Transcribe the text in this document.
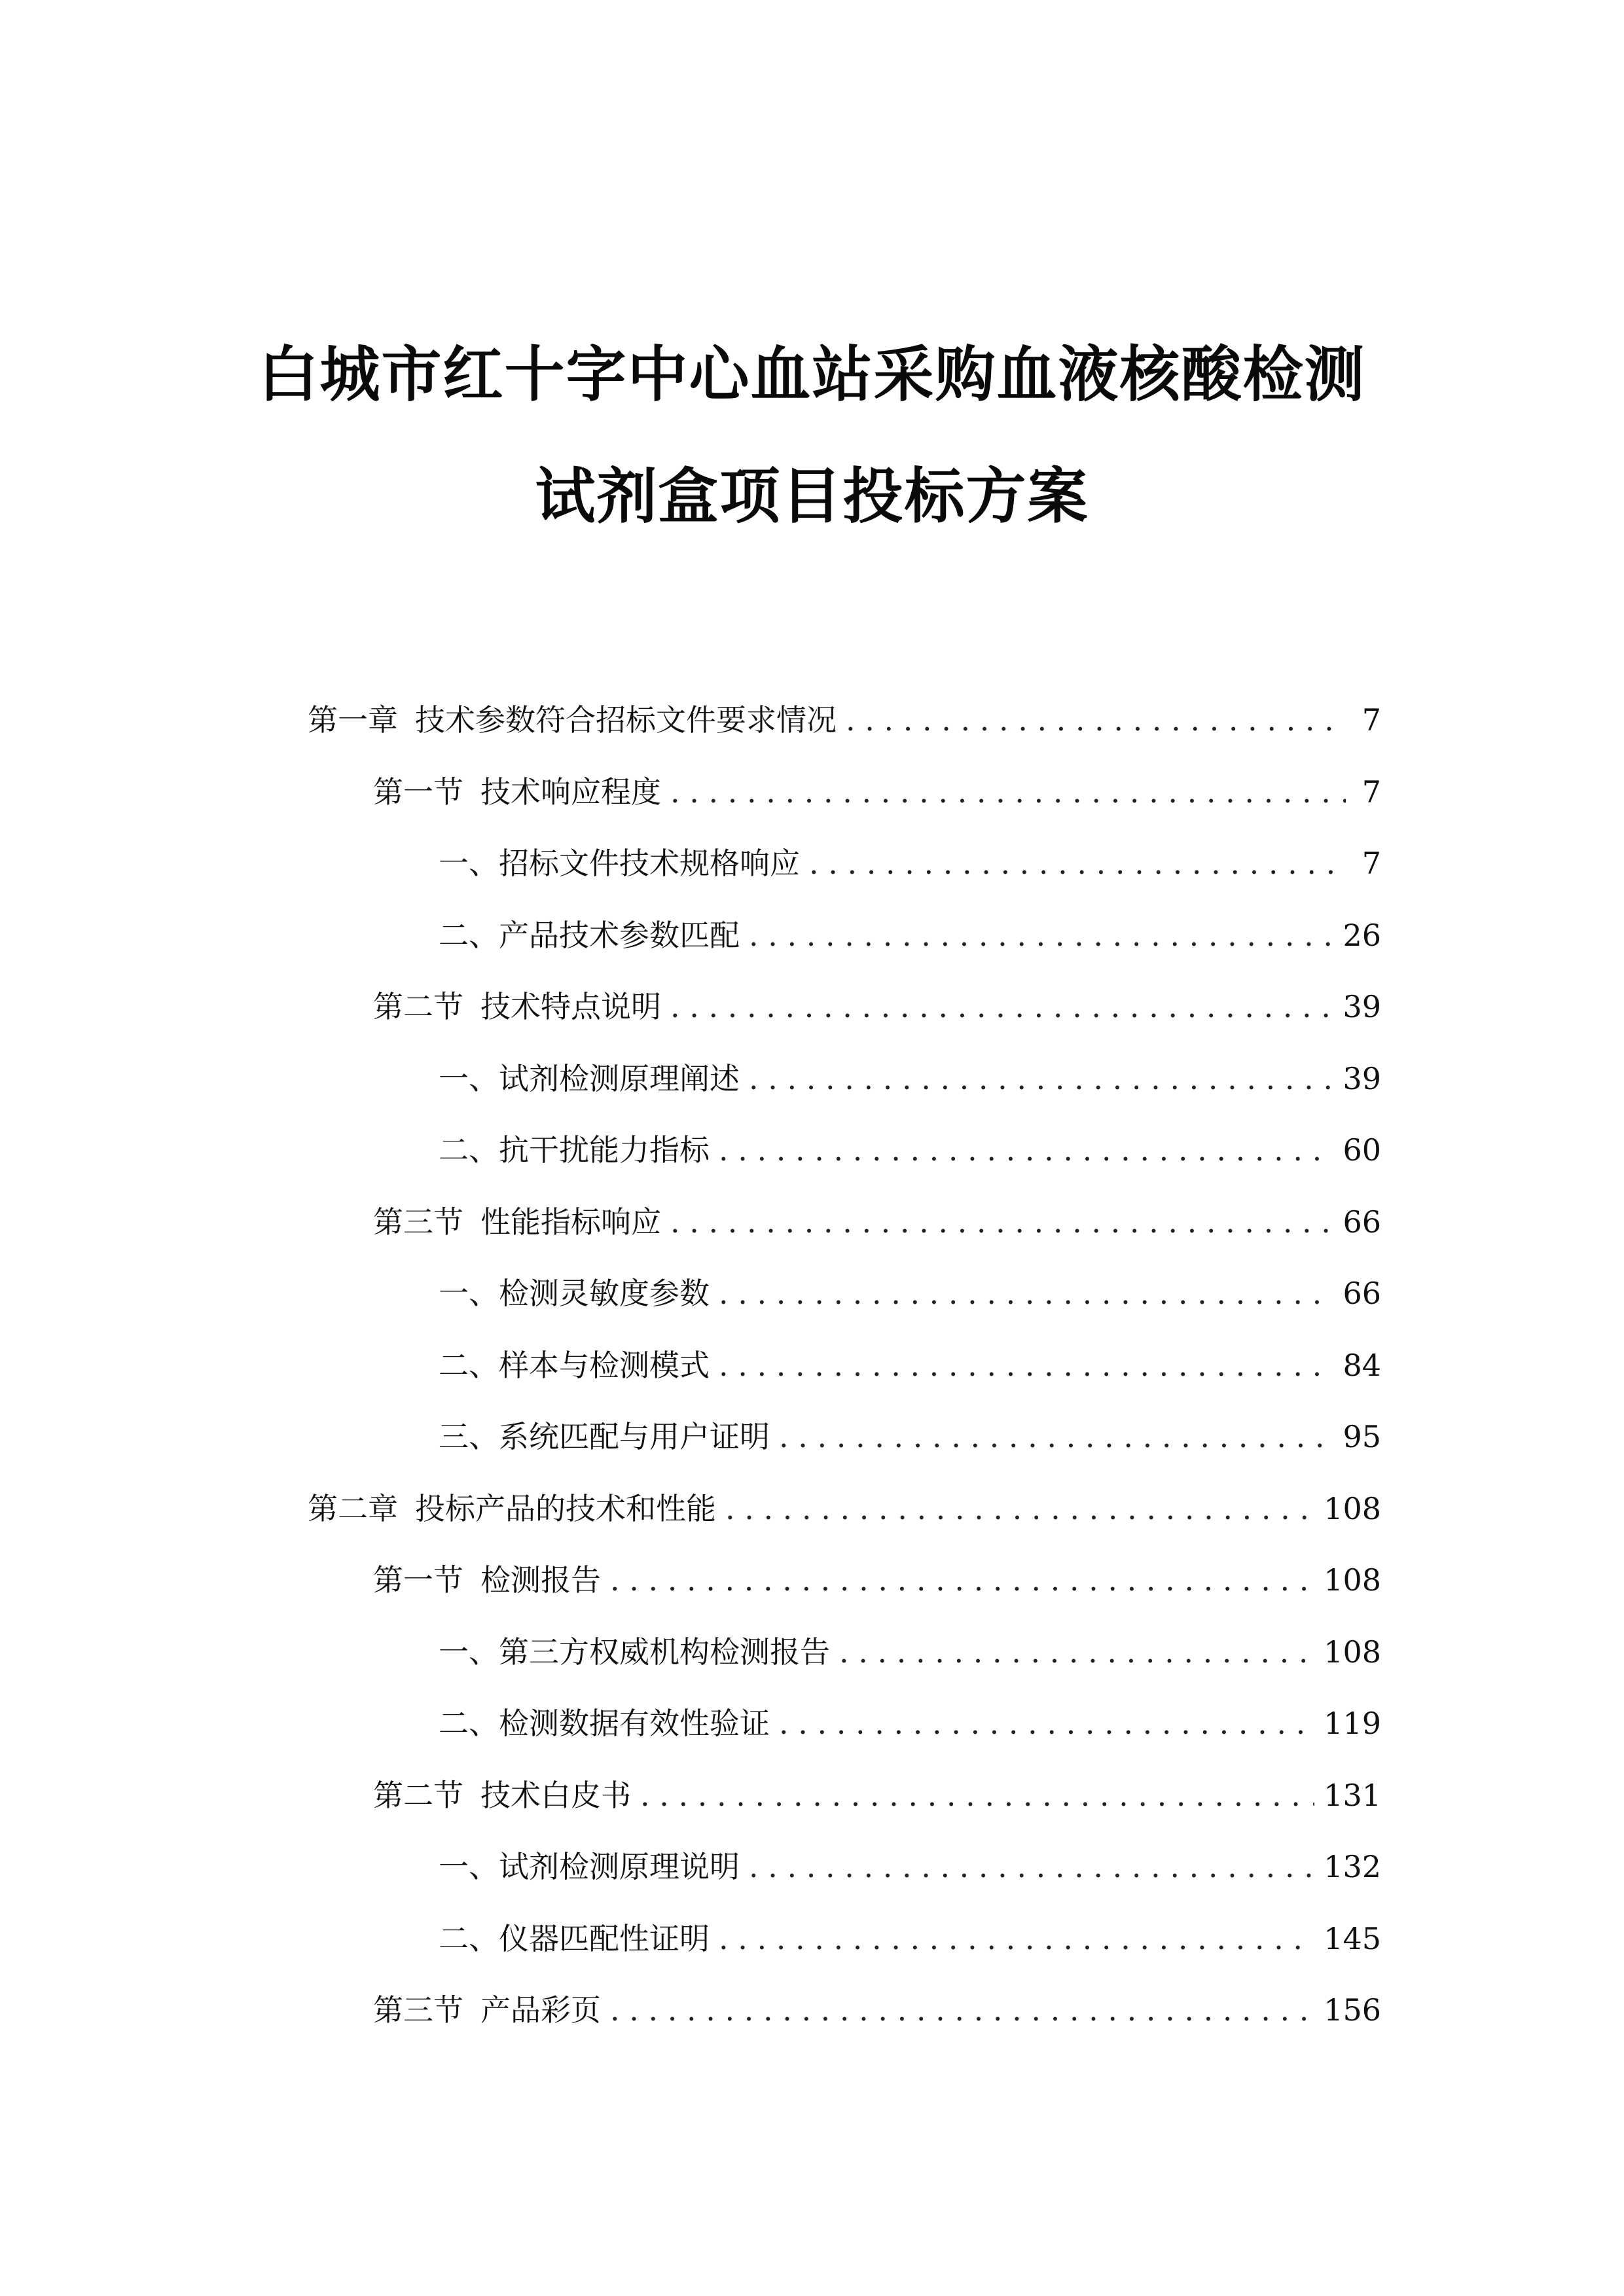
白城市红十字中心血站采购血液核酸检测
试剂盒项目投标方案
第一章 技术参数符合招标文件要求情况 . . .	7
第一节 技术响应程度 . . .	7
一、 招标文件技术规格响应 . . .	7
二、 产品技术参数匹配 . . .	26
第二节 技术特点说明 . . .	39
一、 试剂检测原理阐述 . . .	39
二、 抗干扰能力指标 . . .	60
第三节 性能指标响应 . . .	66
一、 检测灵敏度参数 . . .	66
二、 样本与检测模式 . . .	84
三、 系统匹配与用户证明 . . .	95
第二章 投标产品的技术和性能 . . .	108
第一节 检测报告 . . .	108
一、 第三方权威机构检测报告 . . .	108
二、 检测数据有效性验证 . . .	119
第二节 技术白皮书 . . .	131
一、 试剂检测原理说明 . . .	132
二、 仪器匹配性证明 . . .	145
第三节 产品彩页 . . .	156
